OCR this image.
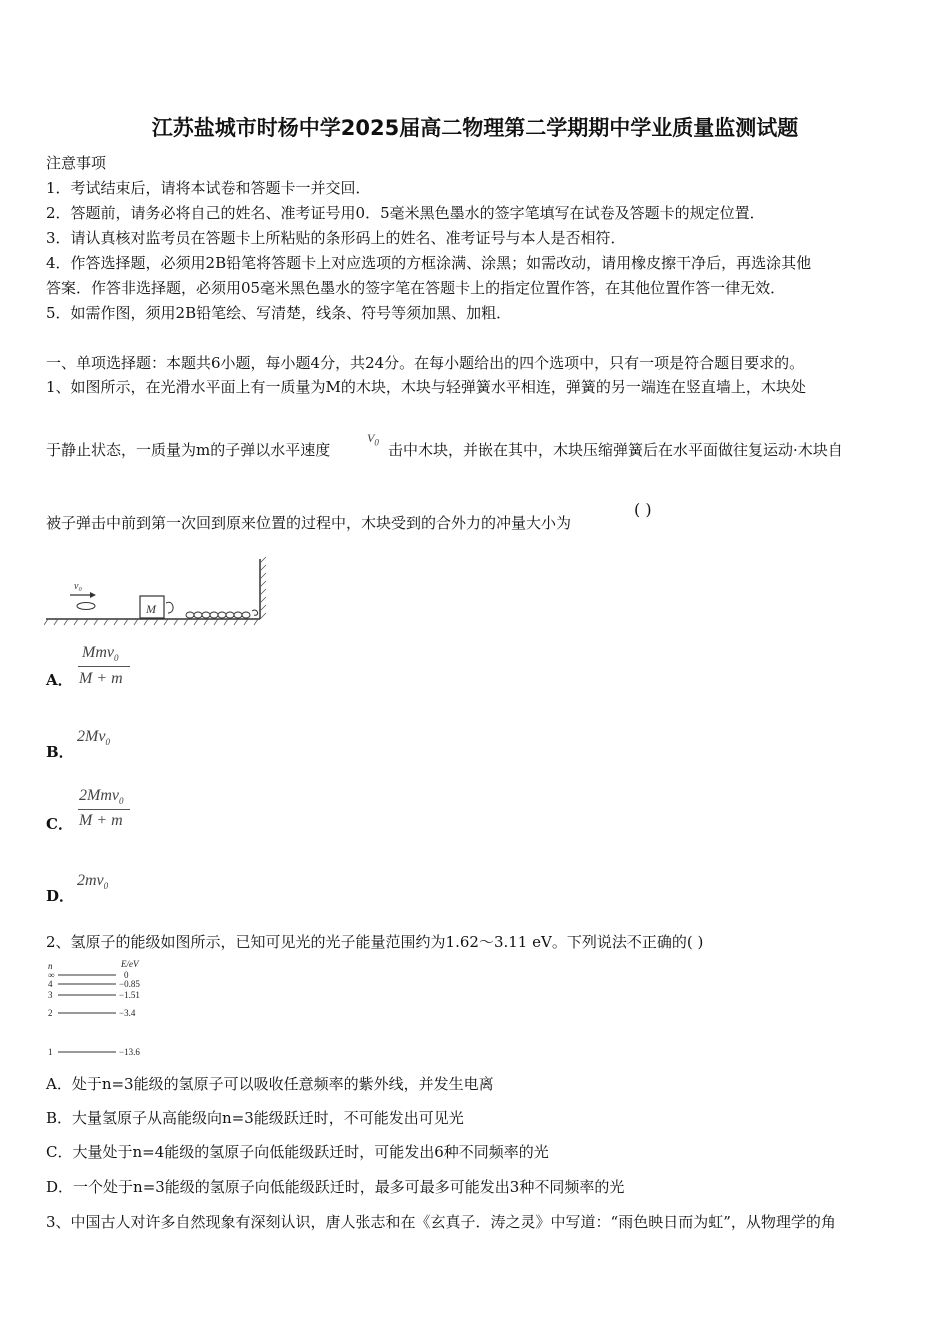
江苏盐城市时杨中学2025届高二物理第二学期期中学业质量监测试题
注意事项
1．考试结束后，请将本试卷和答题卡一并交回．
2．答题前，请务必将自己的姓名、准考证号用0．5毫米黑色墨水的签字笔填写在试卷及答题卡的规定位置．
3．请认真核对监考员在答题卡上所粘贴的条形码上的姓名、准考证号与本人是否相符．
4．作答选择题，必须用2B铅笔将答题卡上对应选项的方框涂满、涂黑；如需改动，请用橡皮擦干净后，再选涂其他
答案．作答非选择题，必须用05毫米黑色墨水的签字笔在答题卡上的指定位置作答，在其他位置作答一律无效．
5．如需作图，须用2B铅笔绘、写清楚，线条、符号等须加黑、加粗．
一、单项选择题：本题共6小题，每小题4分，共24分。在每小题给出的四个选项中，只有一项是符合题目要求的。
1、如图所示，在光滑水平面上有一质量为M的木块，木块与轻弹簧水平相连，弹簧的另一端连在竖直墙上，木块处
于静止状态，一质量为m的子弹以水平速度
$V_0$ 击中木块，并嵌在其中，木块压缩弹簧后在水平面做往复运动·木块自
被子弹击中前到第一次回到原来位置的过程中，木块受到的合外力的冲量大小为
( )
v₀
M
A．
Mmv$_0$
M + m
B．
$2Mv_0$
C．
2Mmv$_0$
M + m
D．
$2mv_0$
2、氢原子的能级如图所示，已知可见光的光子能量范围约为1.62～3.11 eV。下列说法不正确的( )
n	E/eV
∞	0
4	−0.85
3	−1.51
2	−3.4
1	−13.6
A．处于n=3能级的氢原子可以吸收任意频率的紫外线，并发生电离
B．大量氢原子从高能级向n=3能级跃迁时，不可能发出可见光
C．大量处于n=4能级的氢原子向低能级跃迁时，可能发出6种不同频率的光
D．一个处于n=3能级的氢原子向低能级跃迁时，最多可最多可能发出3种不同频率的光
3、中国古人对许多自然现象有深刻认识，唐人张志和在《玄真子．涛之灵》中写道：“雨色映日而为虹”，从物理学的角
